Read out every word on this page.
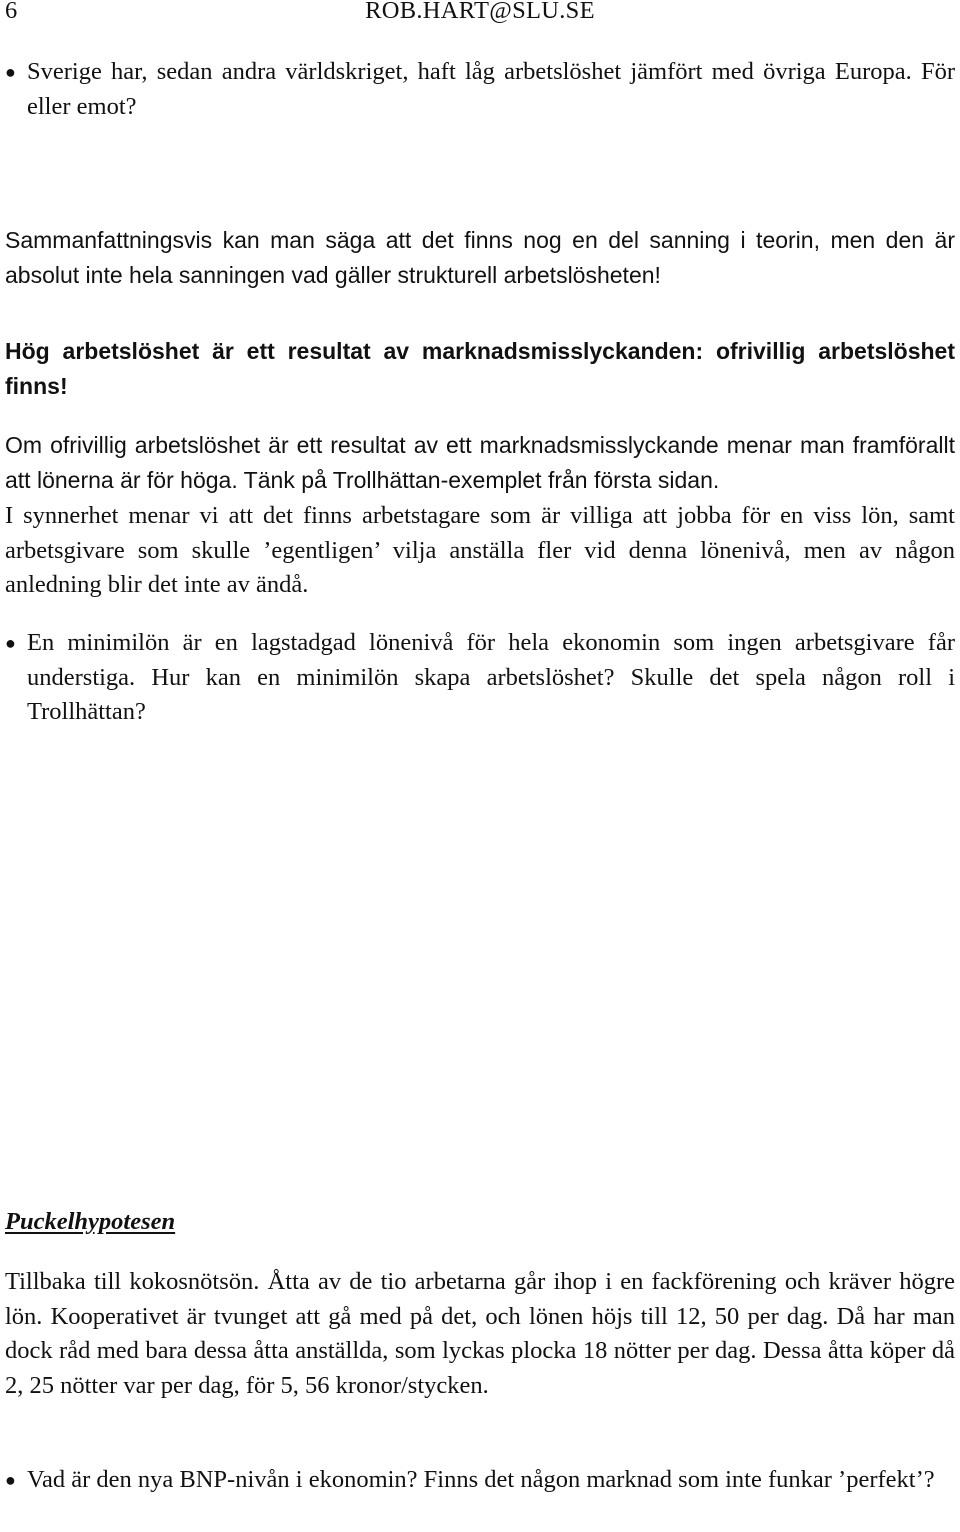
6	ROB.HART@SLU.SE
● Sverige har, sedan andra världskriget, haft låg arbetslöshet jämfört med övriga Europa. För eller emot?

Sammanfattningsvis kan man säga att det finns nog en del sanning i teorin, men den är absolut inte hela sanningen vad gäller strukturell arbetslösheten!

Hög arbetslöshet är ett resultat av marknadsmisslyckanden: ofrivillig arbetslöshet finns!

Om ofrivillig arbetslöshet är ett resultat av ett marknadsmisslyckande menar man framförallt att lönerna är för höga. Tänk på Trollhättan-exemplet från första sidan.

I synnerhet menar vi att det finns arbetstagare som är villiga att jobba för en viss lön, samt arbetsgivare som skulle ’egentligen’ vilja anställa fler vid denna lönenivå, men av någon anledning blir det inte av ändå.

● En minimilön är en lagstadgad lönenivå för hela ekonomin som ingen arbetsgivare får understiga. Hur kan en minimilön skapa arbetslöshet? Skulle det spela någon roll i Trollhättan?
Puckelhypotesen

Tillbaka till kokosnötsön. Åtta av de tio arbetarna går ihop i en fackförening och kräver högre lön. Kooperativet är tvunget att gå med på det, och lönen höjs till 12, 50 per dag. Då har man dock råd med bara dessa åtta anställda, som lyckas plocka 18 nötter per dag. Dessa åtta köper då 2, 25 nötter var per dag, för 5, 56 kronor/stycken.

● Vad är den nya BNP-nivån i ekonomin? Finns det någon marknad som inte funkar ’perfekt’?
